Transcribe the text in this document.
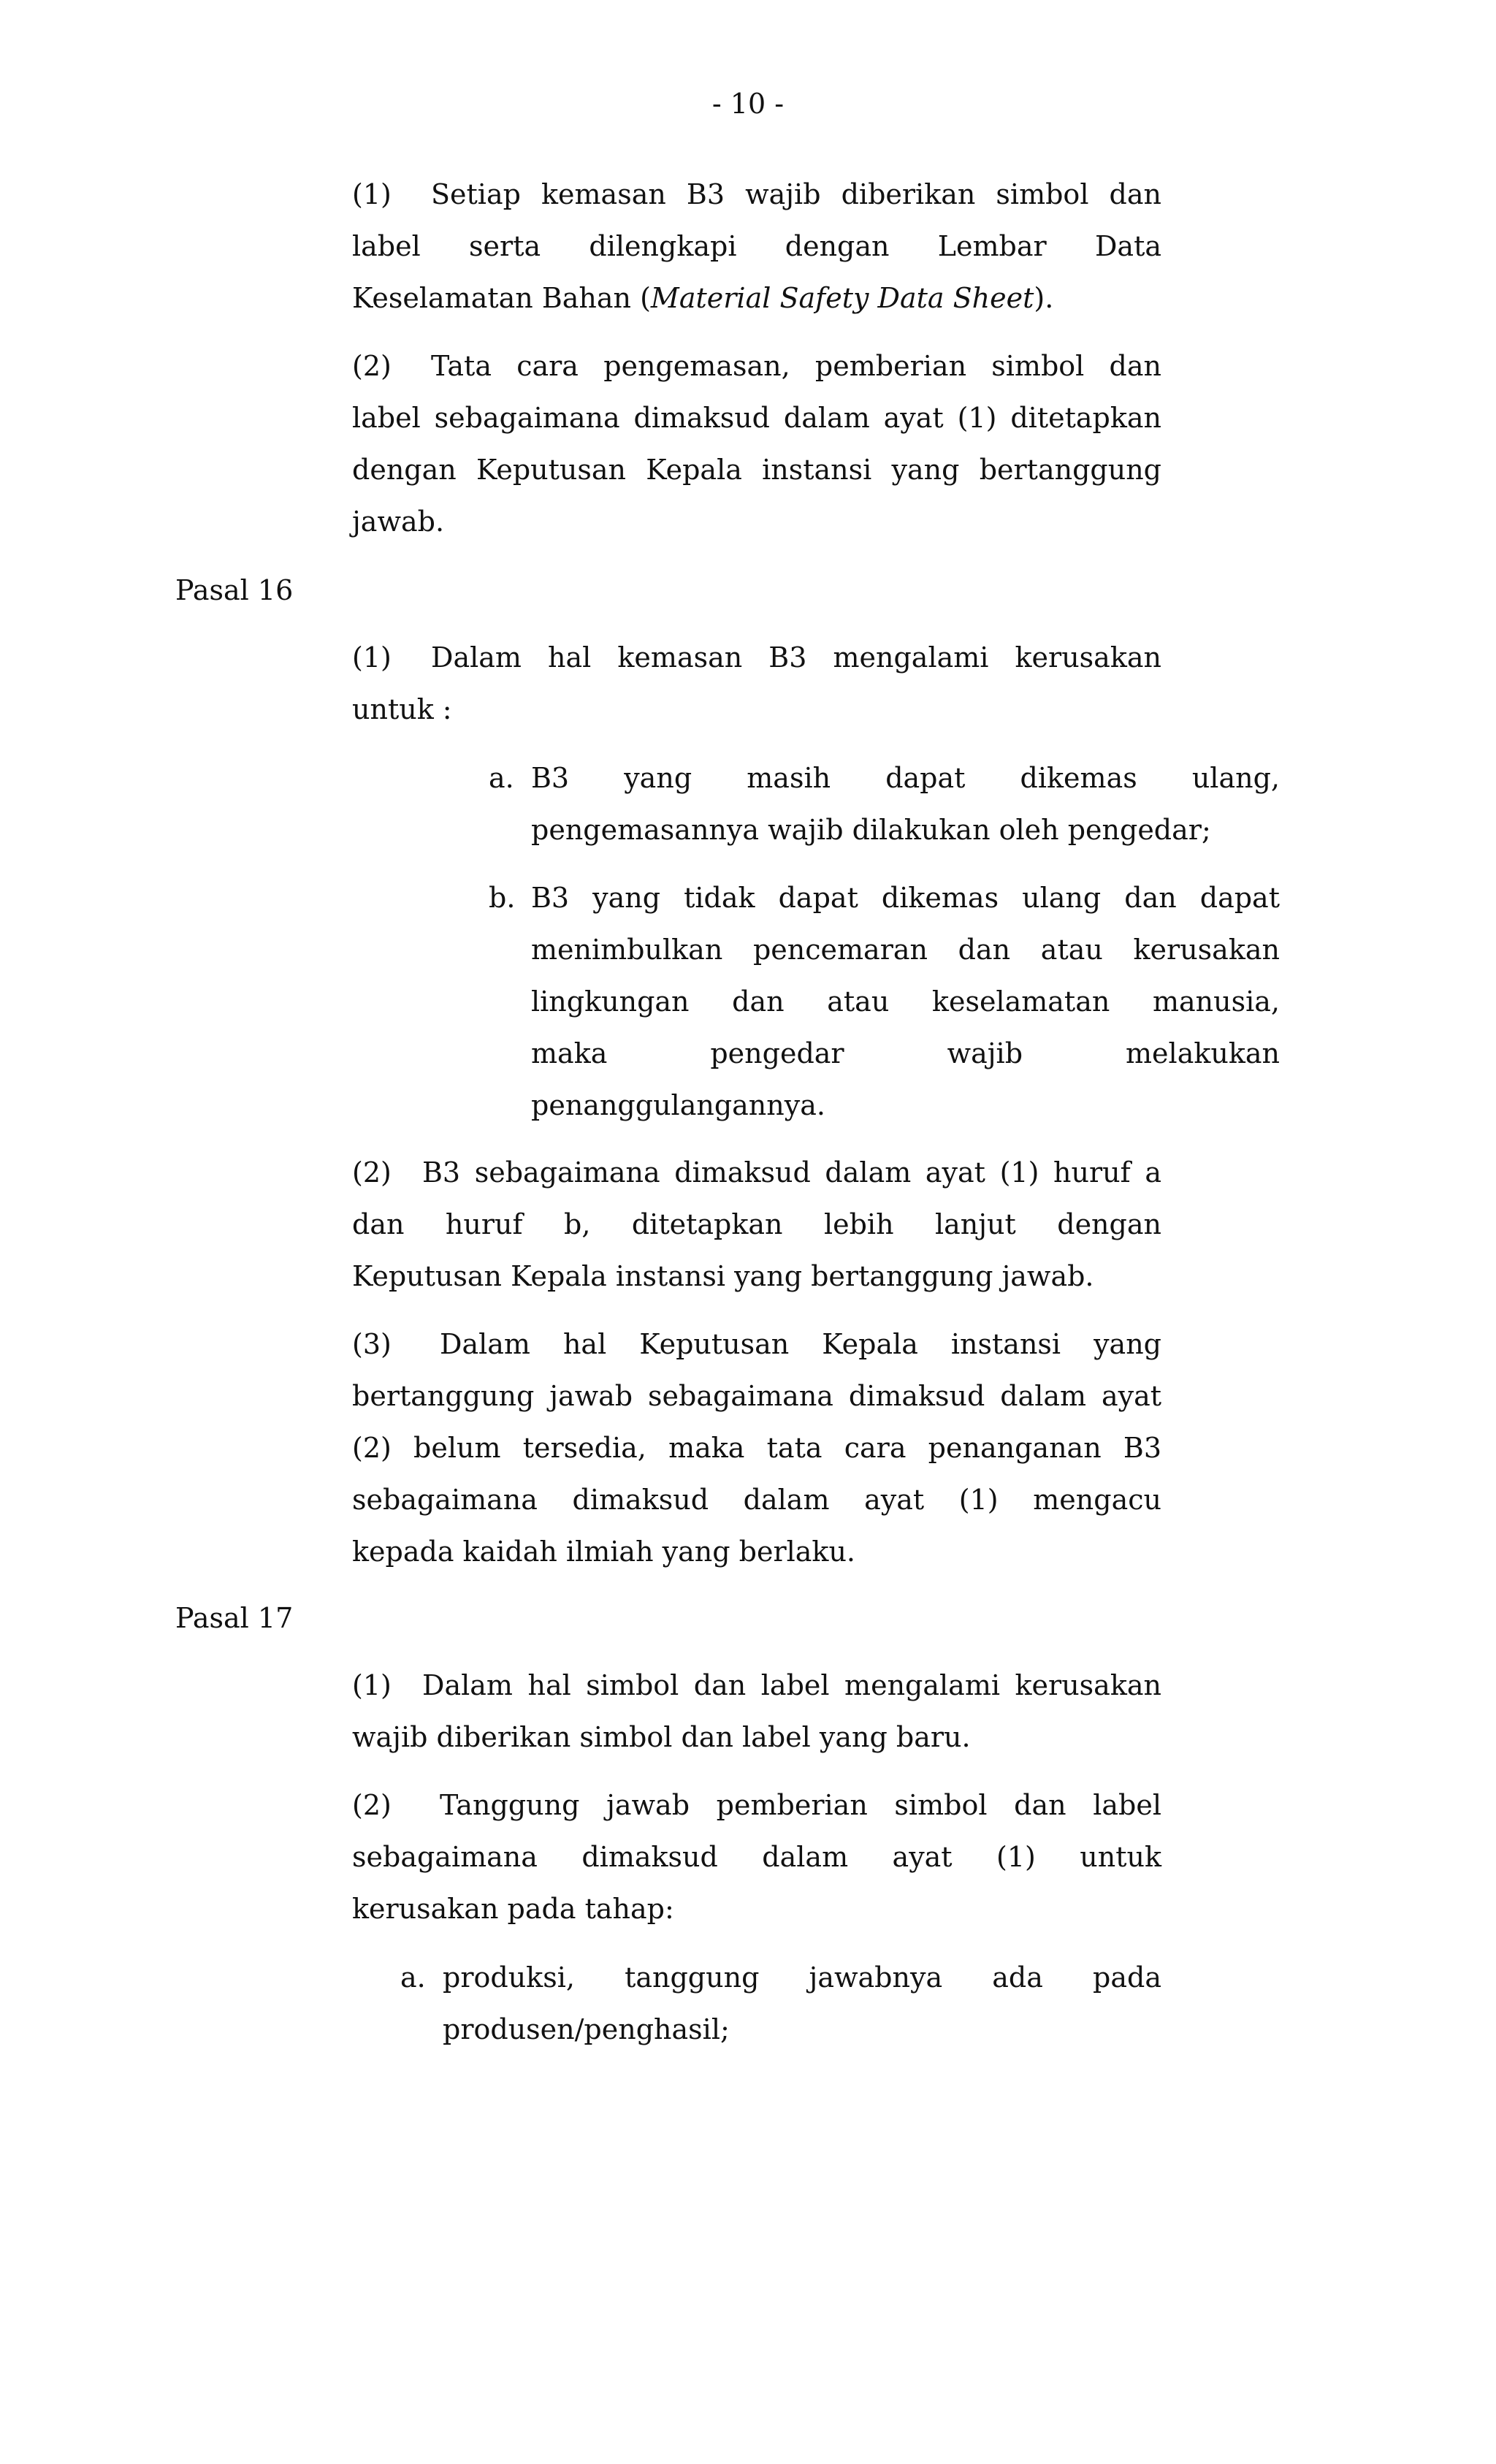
- 10 -
(1) Setiap kemasan B3 wajib diberikan simbol dan
label serta dilengkapi dengan Lembar Data
Keselamatan Bahan (Material Safety Data Sheet).
(2) Tata cara pengemasan, pemberian simbol dan
label sebagaimana dimaksud dalam ayat (1) ditetapkan
dengan Keputusan Kepala instansi yang bertanggung
jawab.
Pasal 16
(1) Dalam hal kemasan B3 mengalami kerusakan
untuk :
a. B3 yang masih dapat dikemas ulang,
pengemasannya wajib dilakukan oleh pengedar;
b. B3 yang tidak dapat dikemas ulang dan dapat
menimbulkan pencemaran dan atau kerusakan
lingkungan dan atau keselamatan manusia,
maka pengedar wajib melakukan
penanggulangannya.
(2) B3 sebagaimana dimaksud dalam ayat (1) huruf a
dan huruf b, ditetapkan lebih lanjut dengan
Keputusan Kepala instansi yang bertanggung jawab.
(3) Dalam hal Keputusan Kepala instansi yang
bertanggung jawab sebagaimana dimaksud dalam ayat
(2) belum tersedia, maka tata cara penanganan B3
sebagaimana dimaksud dalam ayat (1) mengacu
kepada kaidah ilmiah yang berlaku.
Pasal 17
(1) Dalam hal simbol dan label mengalami kerusakan
wajib diberikan simbol dan label yang baru.
(2) Tanggung jawab pemberian simbol dan label
sebagaimana dimaksud dalam ayat (1) untuk
kerusakan pada tahap:
a. produksi, tanggung jawabnya ada pada
produsen/penghasil;
